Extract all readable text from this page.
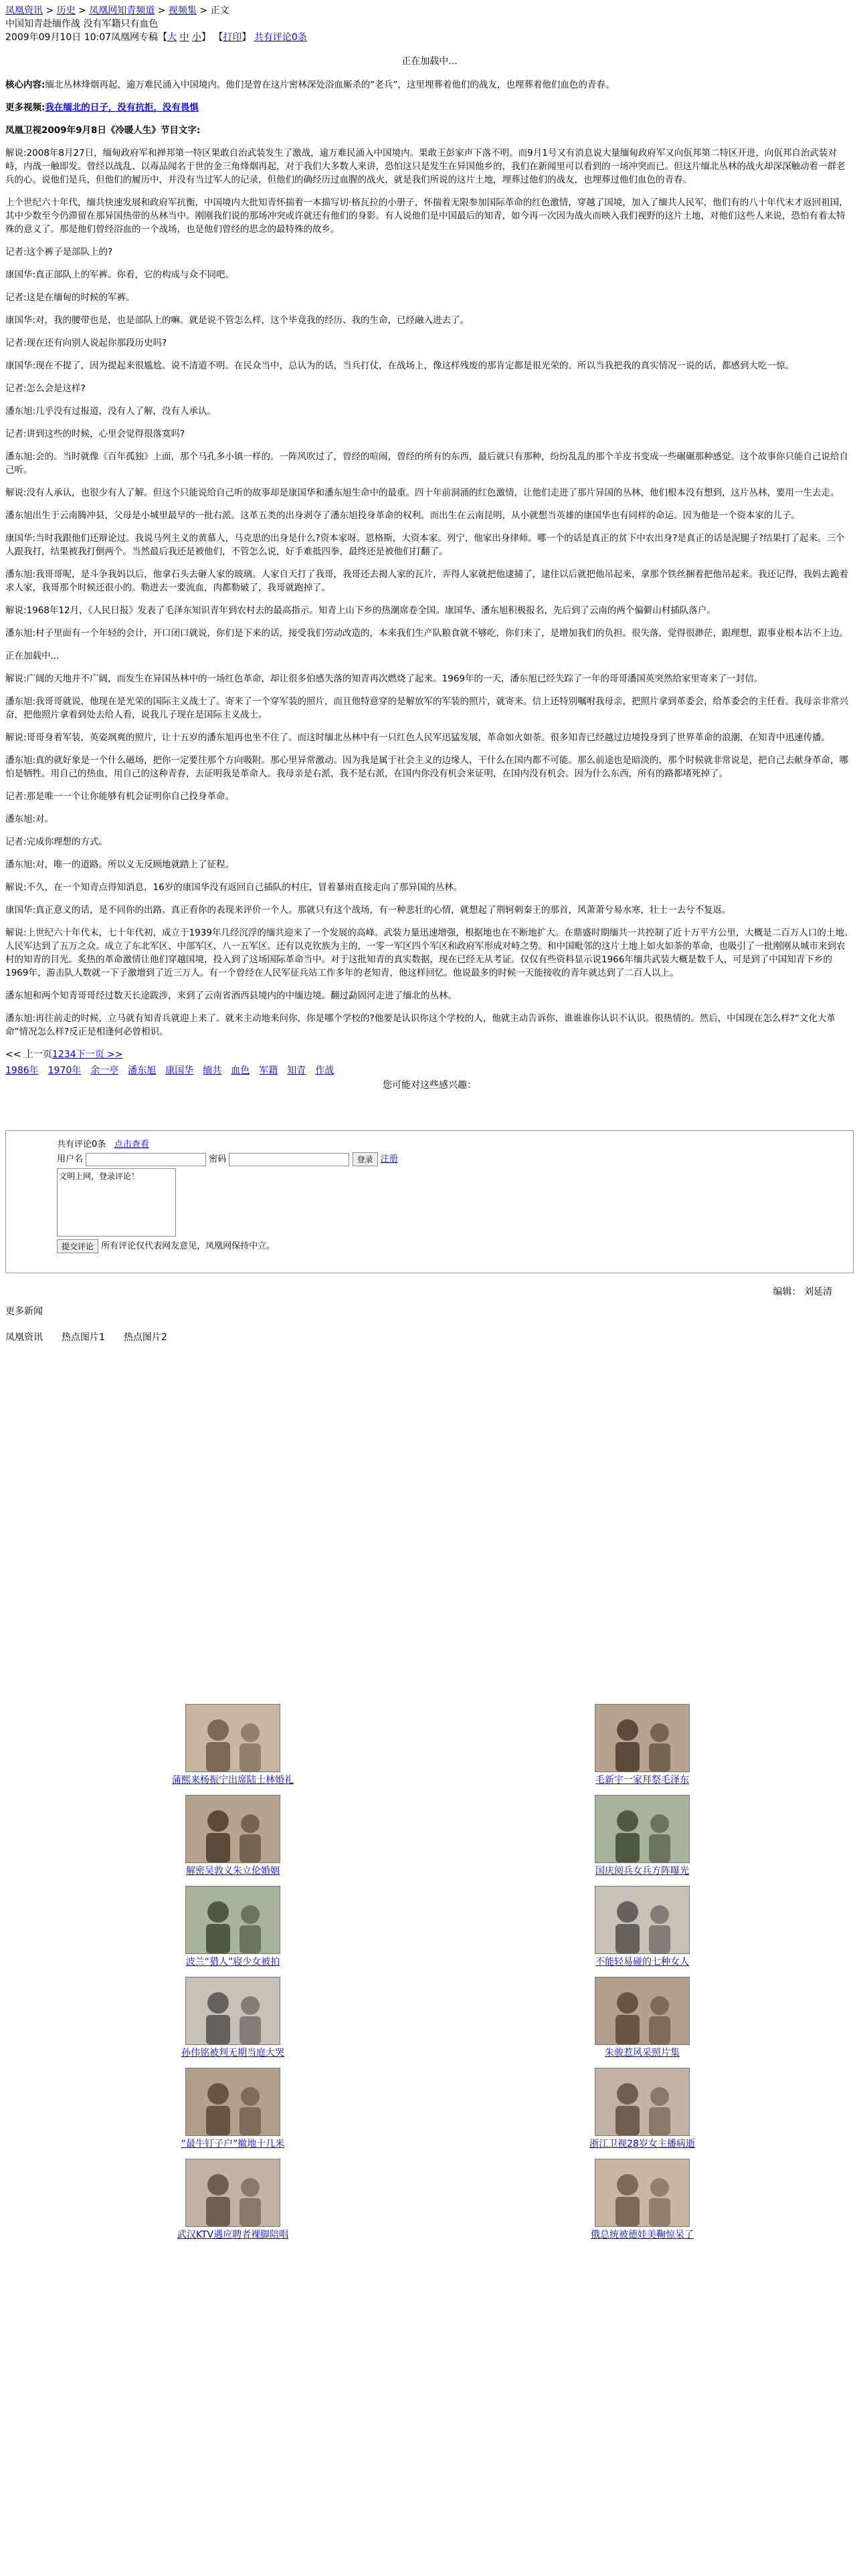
凤凰资讯 > 历史 > 凤凰网知青频道 > 视频集 > 正文
中国知青赴缅作战 没有军籍只有血色
2009年09月10日 10:07凤凰网专稿【大 中 小】 【打印】 共有评论0条
正在加载中...

核心内容:缅北丛林烽烟再起，逾万难民涌入中国境内。他们是曾在这片密林深处浴血厮杀的“老兵”，这里埋葬着他们的战友，也埋葬着他们血色的青春。

更多视频:我在缅北的日子，没有抗拒，没有畏惧

凤凰卫视2009年9月8日《冷暖人生》节目文字:

解说:2008年8月27日，缅甸政府军和掸邦第一特区果敢自治武装发生了激战，逾万难民涌入中国境内。果敢王彭家声下落不明。而9月1号又有消息说大量缅甸政府军又向佤邦第二特区开进，向佤邦自治武装对峙，内战一触即发。曾经以战乱、以毒品闻名于世的金三角烽烟再起，对于我们大多数人来讲，恐怕这只是发生在异国他乡的，我们在新闻里可以看到的一场冲突而已。但这片缅北丛林的战火却深深触动着一群老兵的心。说他们是兵，但他们的履历中，并没有当过军人的记录，但他们的确经历过血腥的战火，就是我们所说的这片土地，埋葬过他们的战友，也埋葬过他们血色的青春。

上个世纪六十年代，缅共快速发展和政府军抗衡，中国境内大批知青怀揣着一本描写切·格瓦拉的小册子，怀揣着无限参加国际革命的红色激情，穿越了国境，加入了缅共人民军，他们有的八十年代末才返回祖国，其中少数至今仍滞留在那异国热带的丛林当中。刚刚我们说的那场冲突或许就还有他们的身影。有人说他们是中国最后的知青，如今再一次因为战火而映入我们视野的这片土地，对他们这些人来说，恐怕有着太特殊的意义了。那是他们曾经浴血的一个战场，也是他们曾经的思念的最特殊的故乡。

记者:这个裤子是部队上的?

康国华:真正部队上的军裤。你看，它的构成与众不同吧。

记者:这是在缅甸的时候的军裤。

康国华:对，我的腰带也是，也是部队上的嘛。就是说不管怎么样，这个毕竟我的经历、我的生命，已经融入进去了。

记者:现在还有向别人说起你那段历史吗?

康国华:现在不提了，因为提起来很尴尬。说不清道不明。在民众当中，总认为的话，当兵打仗，在战场上，像这样残废的那肯定都是很光荣的。所以当我把我的真实情况一说的话，都感到大吃一惊。

记者:怎么会是这样?

潘东旭:几乎没有过报道，没有人了解，没有人承认。

记者:讲到这些的时候，心里会觉得很落寞吗?

潘东旭:会的。当时就像《百年孤独》上面，那个马孔多小镇一样的。一阵风吹过了，曾经的喧闹，曾经的所有的东西，最后就只有那种，纷纷乱乱的那个羊皮书变成一些碾碾那种感觉。这个故事你只能自己说给自己听。

解说:没有人承认，也很少有人了解。但这个只能说给自己听的故事却是康国华和潘东旭生命中的最重。四十年前洞涌的红色激情，让他们走进了那片异国的丛林，他们根本没有想到，这片丛林，要用一生去走。

潘东旭出生于云南腾冲县，父母是小城里最早的一批右派。这革五类的出身剥夺了潘东旭投身革命的权利。而出生在云南昆明，从小就想当英雄的康国华也有同样的命运。因为他是一个资本家的儿子。

康国华:当时我跟他们还辩论过。我说马列主义的黄慕人，马克思的出身是什么?资本家呀。恩格斯，大资本家。列宁，他家出身律师。哪一个的话是真正的贫下中农出身?是真正的话是泥腿子?结果打了起来。三个人跟我打，结果被我打倒两个。当然最后我还是被他们，不管怎么说，好手难抵四拳，最终还是被他们打翻了。

潘东旭:我哥哥呢，是斗争我妈以后，他拿石头去砸人家的玻璃。人家自天打了我哥，我哥还去揭人家的瓦片，弄得人家就把他逮捕了，逮住以后就把他吊起来，拿那个铁丝捆着把他吊起来。我还记得，我妈去跪着求人家，我哥那个时候还很小的。勒进去一要流血，肉都勒破了，我哥就跑掉了。

解说:1968年12月，《人民日报》发表了毛泽东知识青年到农村去的最高指示。知青上山下乡的热潮席卷全国。康国华、潘东旭积极报名，先后到了云南的两个偏僻山村插队落户。

潘东旭:村子里面有一个年轻的会计，开口闭口就说，你们是下来的话，接受我们劳动改造的，本来我们生产队粮食就不够吃，你们来了，是增加我们的负担。很失落，觉得很渺茫，跟理想，跟事业根本沾不上边。

正在加载中...

解说:广阔的天地并不广阔，而发生在异国丛林中的一场红色革命，却让很多伯感失落的知青再次燃烧了起来。1969年的一天，潘东旭已经失踪了一年的哥哥潘国英突然给家里寄来了一封信。

潘东旭:我哥哥就说，他现在是光荣的国际主义战士了。寄来了一个穿军装的照片，而且他特意穿的是解放军的军装的照片，就寄来。信上还特别嘱咐我母亲，把照片拿到革委会，给革委会的主任看。我母亲非常兴奋，把他照片拿着到处去给人看，说我儿子现在是国际主义战士。

解说:哥哥身着军装，英姿飒爽的照片，让十五岁的潘东旭再也坐不住了。而这时缅北丛林中有一只红色人民军迅猛发展，革命如火如荼。很多知青已经越过边境投身到了世界革命的浪潮，在知青中迅速传播。

潘东旭:真的就好象是一个什么磁场，把你一定要往那个方向吸附。那心里异常激动。因为我是属于社会主义的边缘人，干什么在国内都不可能。那么前途也是暗淡的，那个时候就非常说是，把自己去献身革命，哪怕是牺牲。用自己的热血，用自己的这种青春，去证明我是革命人。我母亲是右派，我不是右派，在国内你没有机会来证明，在国内没有机会。因为什么东西，所有的路都堵死掉了。

记者:那是唯一一个让你能够有机会证明你自己投身革命。

潘东旭:对。

记者:完成你理想的方式。

潘东旭:对，唯一的道路。所以义无反顾地就踏上了征程。

解说:不久，在一个知青点得知消息，16岁的康国华没有返回自己插队的村庄，冒着暴雨直接走向了那异国的丛林。

康国华:真正意义的话，是不同你的出路。真正看你的表现来评价一个人。那就只有这个战场，有一种悲壮的心情，就想起了荆轲刺秦王的那首，风萧萧兮易水寒，壮士一去兮不复返。

解说:上世纪六十年代末，七十年代初，成立于1939年几经沉浮的缅共迎来了一个发展的高峰。武装力量迅速增强，根据地也在不断地扩大。在鼎盛时期缅共一共控制了近十万平方公里，大概是二百万人口的土地。人民军达到了五万之众。成立了东北军区、中部军区、八一五军区。还有以克钦族为主的，一零一军区四个军区和政府军形成对峙之势。和中国毗邻的这片土地上如火如荼的革命，也吸引了一批刚刚从城市来到农村的知青的目光。炙热的革命激情让他们穿越国境，投入到了这场国际革命当中。对于这批知青的真实数据，现在已经无从考证。仅仅有些资料显示说1966年缅共武装大概是数千人，可是到了中国知青下乡的1969年，游击队人数就一下子激增到了近三万人。有一个曾经在人民军征兵站工作多年的老知青，他这样回忆。他说最多的时候一天能接收的青年就达到了二百人以上。

潘东旭和两个知青哥哥经过数天长途跋涉，来到了云南省酒西县境内的中缅边境。翻过勐固河走进了缅北的丛林。

潘东旭:再往前走的时候，立马就有知青兵就迎上来了。就来主动地来问你，你是哪个学校的?他要是认识你这个学校的人，他就主动告诉你，谁谁谁你认识不认识。很热情的。然后，中国现在怎么样?“文化大革命”情况怎么样?反正是相逢何必曾相识。

<< 上一页1234下一页 >>
1986年 1970年 余一亭 潘东旭 康国华 缅共 血色 军籍 知青 作战
您可能对这些感兴趣：
共有评论0条 点击查看
用户名	密码	登录 注册
文明上网，登录评论！
提交评论 所有评论仅代表网友意见，凤凰网保持中立。
编辑： 刘延清
更多新闻
凤凰资讯 热点图片1 热点图片2
蒲熙来杨振宁出席陆士林婚礼	毛新宇一家拜祭毛泽东
解密吴敦义朱立伦婚姻	国庆阅兵女兵方阵曝光
波兰“猎人”寝少女被拍	不能轻易碰的七种女人
孙伟铭被判无期当庭大哭	朱骏惹风采照片集
“最牛钉子户”撤地十几米	浙江卫视28岁女主播病逝
武汉KTV遇应聘者裸脚陪唱	俄总统被德娃美鞠惊呆了
